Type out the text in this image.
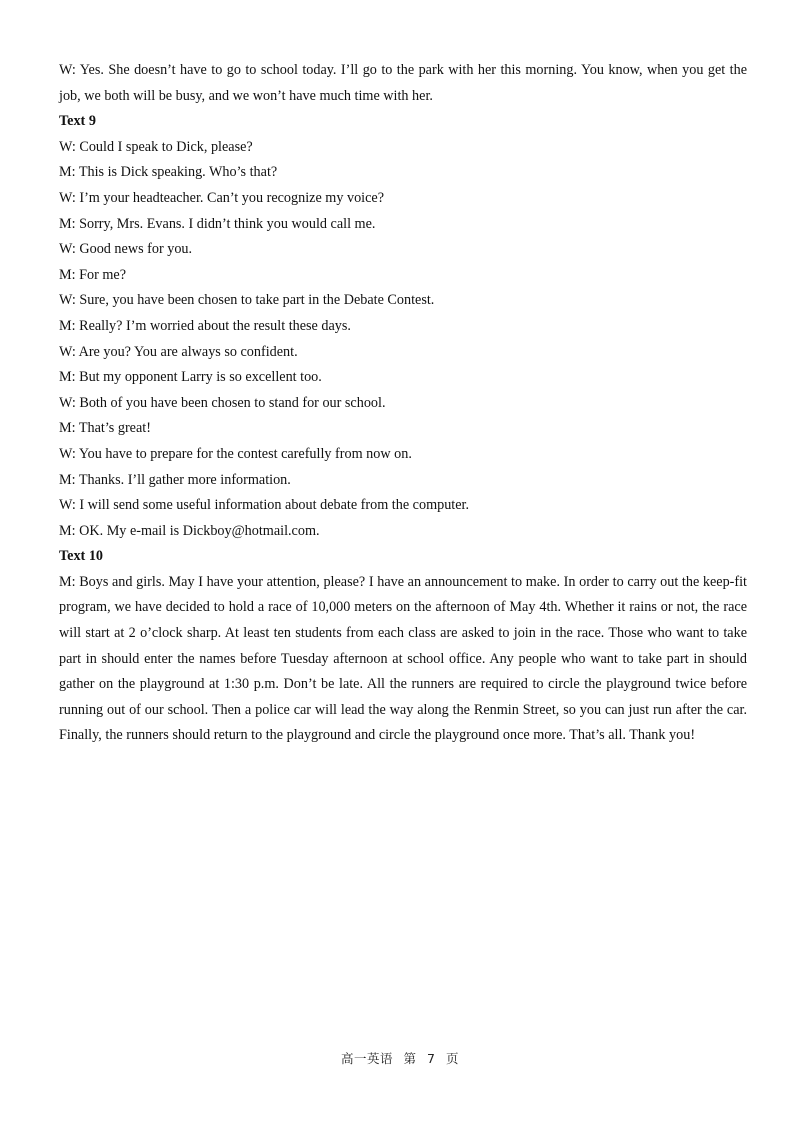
W: Yes. She doesn’t have to go to school today. I’ll go to the park with her this morning. You know, when you get the job, we both will be busy, and we won’t have much time with her.
Text 9
W: Could I speak to Dick, please?
M: This is Dick speaking. Who’s that?
W: I’m your headteacher. Can’t you recognize my voice?
M: Sorry, Mrs. Evans. I didn’t think you would call me.
W: Good news for you.
M: For me?
W: Sure, you have been chosen to take part in the Debate Contest.
M: Really? I’m worried about the result these days.
W: Are you? You are always so confident.
M: But my opponent Larry is so excellent too.
W: Both of you have been chosen to stand for our school.
M: That’s great!
W: You have to prepare for the contest carefully from now on.
M: Thanks. I’ll gather more information.
W: I will send some useful information about debate from the computer.
M: OK. My e-mail is Dickboy@hotmail.com.
Text 10
M: Boys and girls. May I have your attention, please? I have an announcement to make. In order to carry out the keep-fit program, we have decided to hold a race of 10,000 meters on the afternoon of May 4th. Whether it rains or not, the race will start at 2 o’clock sharp. At least ten students from each class are asked to join in the race. Those who want to take part in should enter the names before Tuesday afternoon at school office. Any people who want to take part in should gather on the playground at 1:30 p.m. Don’t be late. All the runners are required to circle the playground twice before running out of our school. Then a police car will lead the way along the Renmin Street, so you can just run after the car. Finally, the runners should return to the playground and circle the playground once more. That’s all. Thank you!
高一英语 第 7 页
